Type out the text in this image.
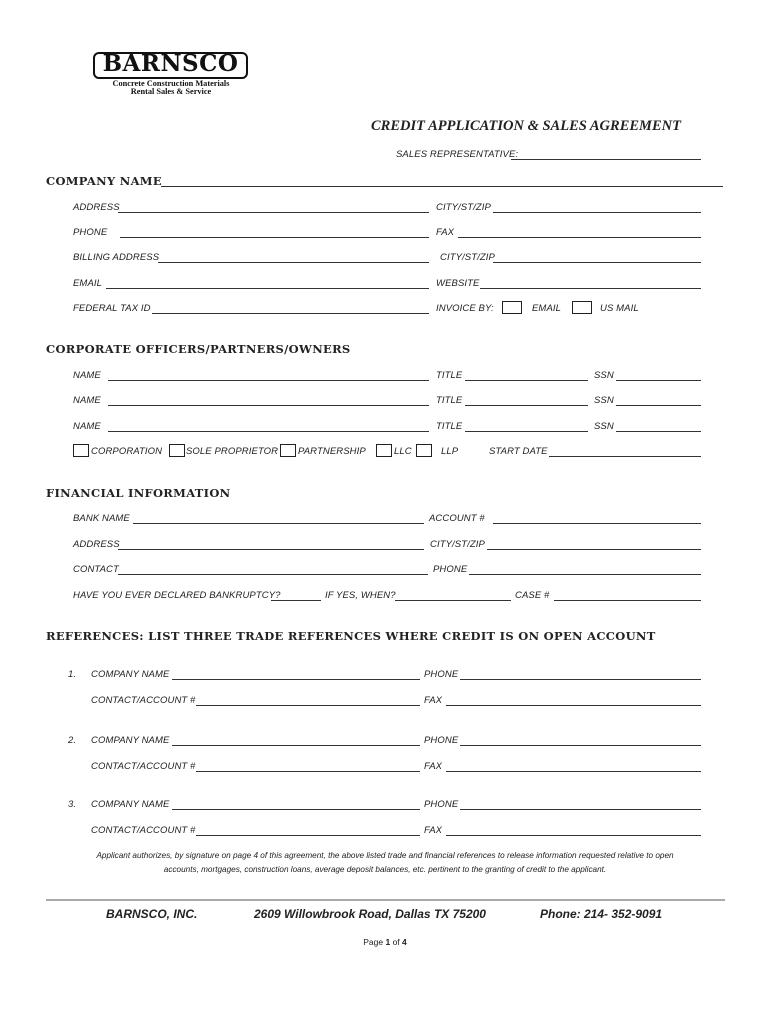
BARNSCO
Concrete Construction Materials
Rental Sales & Service
CREDIT APPLICATION & SALES AGREEMENT
SALES REPRESENTATIVE:
COMPANY NAME
ADDRESS	CITY/ST/ZIP
PHONE	FAX
BILLING ADDRESS	CITY/ST/ZIP
EMAIL	WEBSITE
FEDERAL TAX ID	INVOICE BY:	EMAIL	US MAIL
CORPORATE OFFICERS/PARTNERS/OWNERS
NAME	TITLE	SSN
NAME	TITLE	SSN
NAME	TITLE	SSN
CORPORATION	SOLE PROPRIETOR PARTNERSHIP	LLC	LLP	START DATE
FINANCIAL INFORMATION
BANK NAME	ACCOUNT #
ADDRESS	CITY/ST/ZIP
CONTACT	PHONE
HAVE YOU EVER DECLARED BANKRUPTCY?	IF YES, WHEN?	CASE #
REFERENCES: LIST THREE TRADE REFERENCES WHERE CREDIT IS ON OPEN ACCOUNT
1. COMPANY NAME	PHONE
CONTACT/ACCOUNT #	FAX
2. COMPANY NAME	PHONE
CONTACT/ACCOUNT #	FAX
3. COMPANY NAME	PHONE
CONTACT/ACCOUNT #	FAX
Applicant authorizes, by signature on page 4 of this agreement, the above listed trade and financial references to release information requested relative to open
accounts, mortgages, construction loans, average deposit balances, etc. pertinent to the granting of credit to the applicant.
BARNSCO, INC.	2609 Willowbrook Road, Dallas TX 75200	Phone: 214- 352-9091
Page 1 of 4
